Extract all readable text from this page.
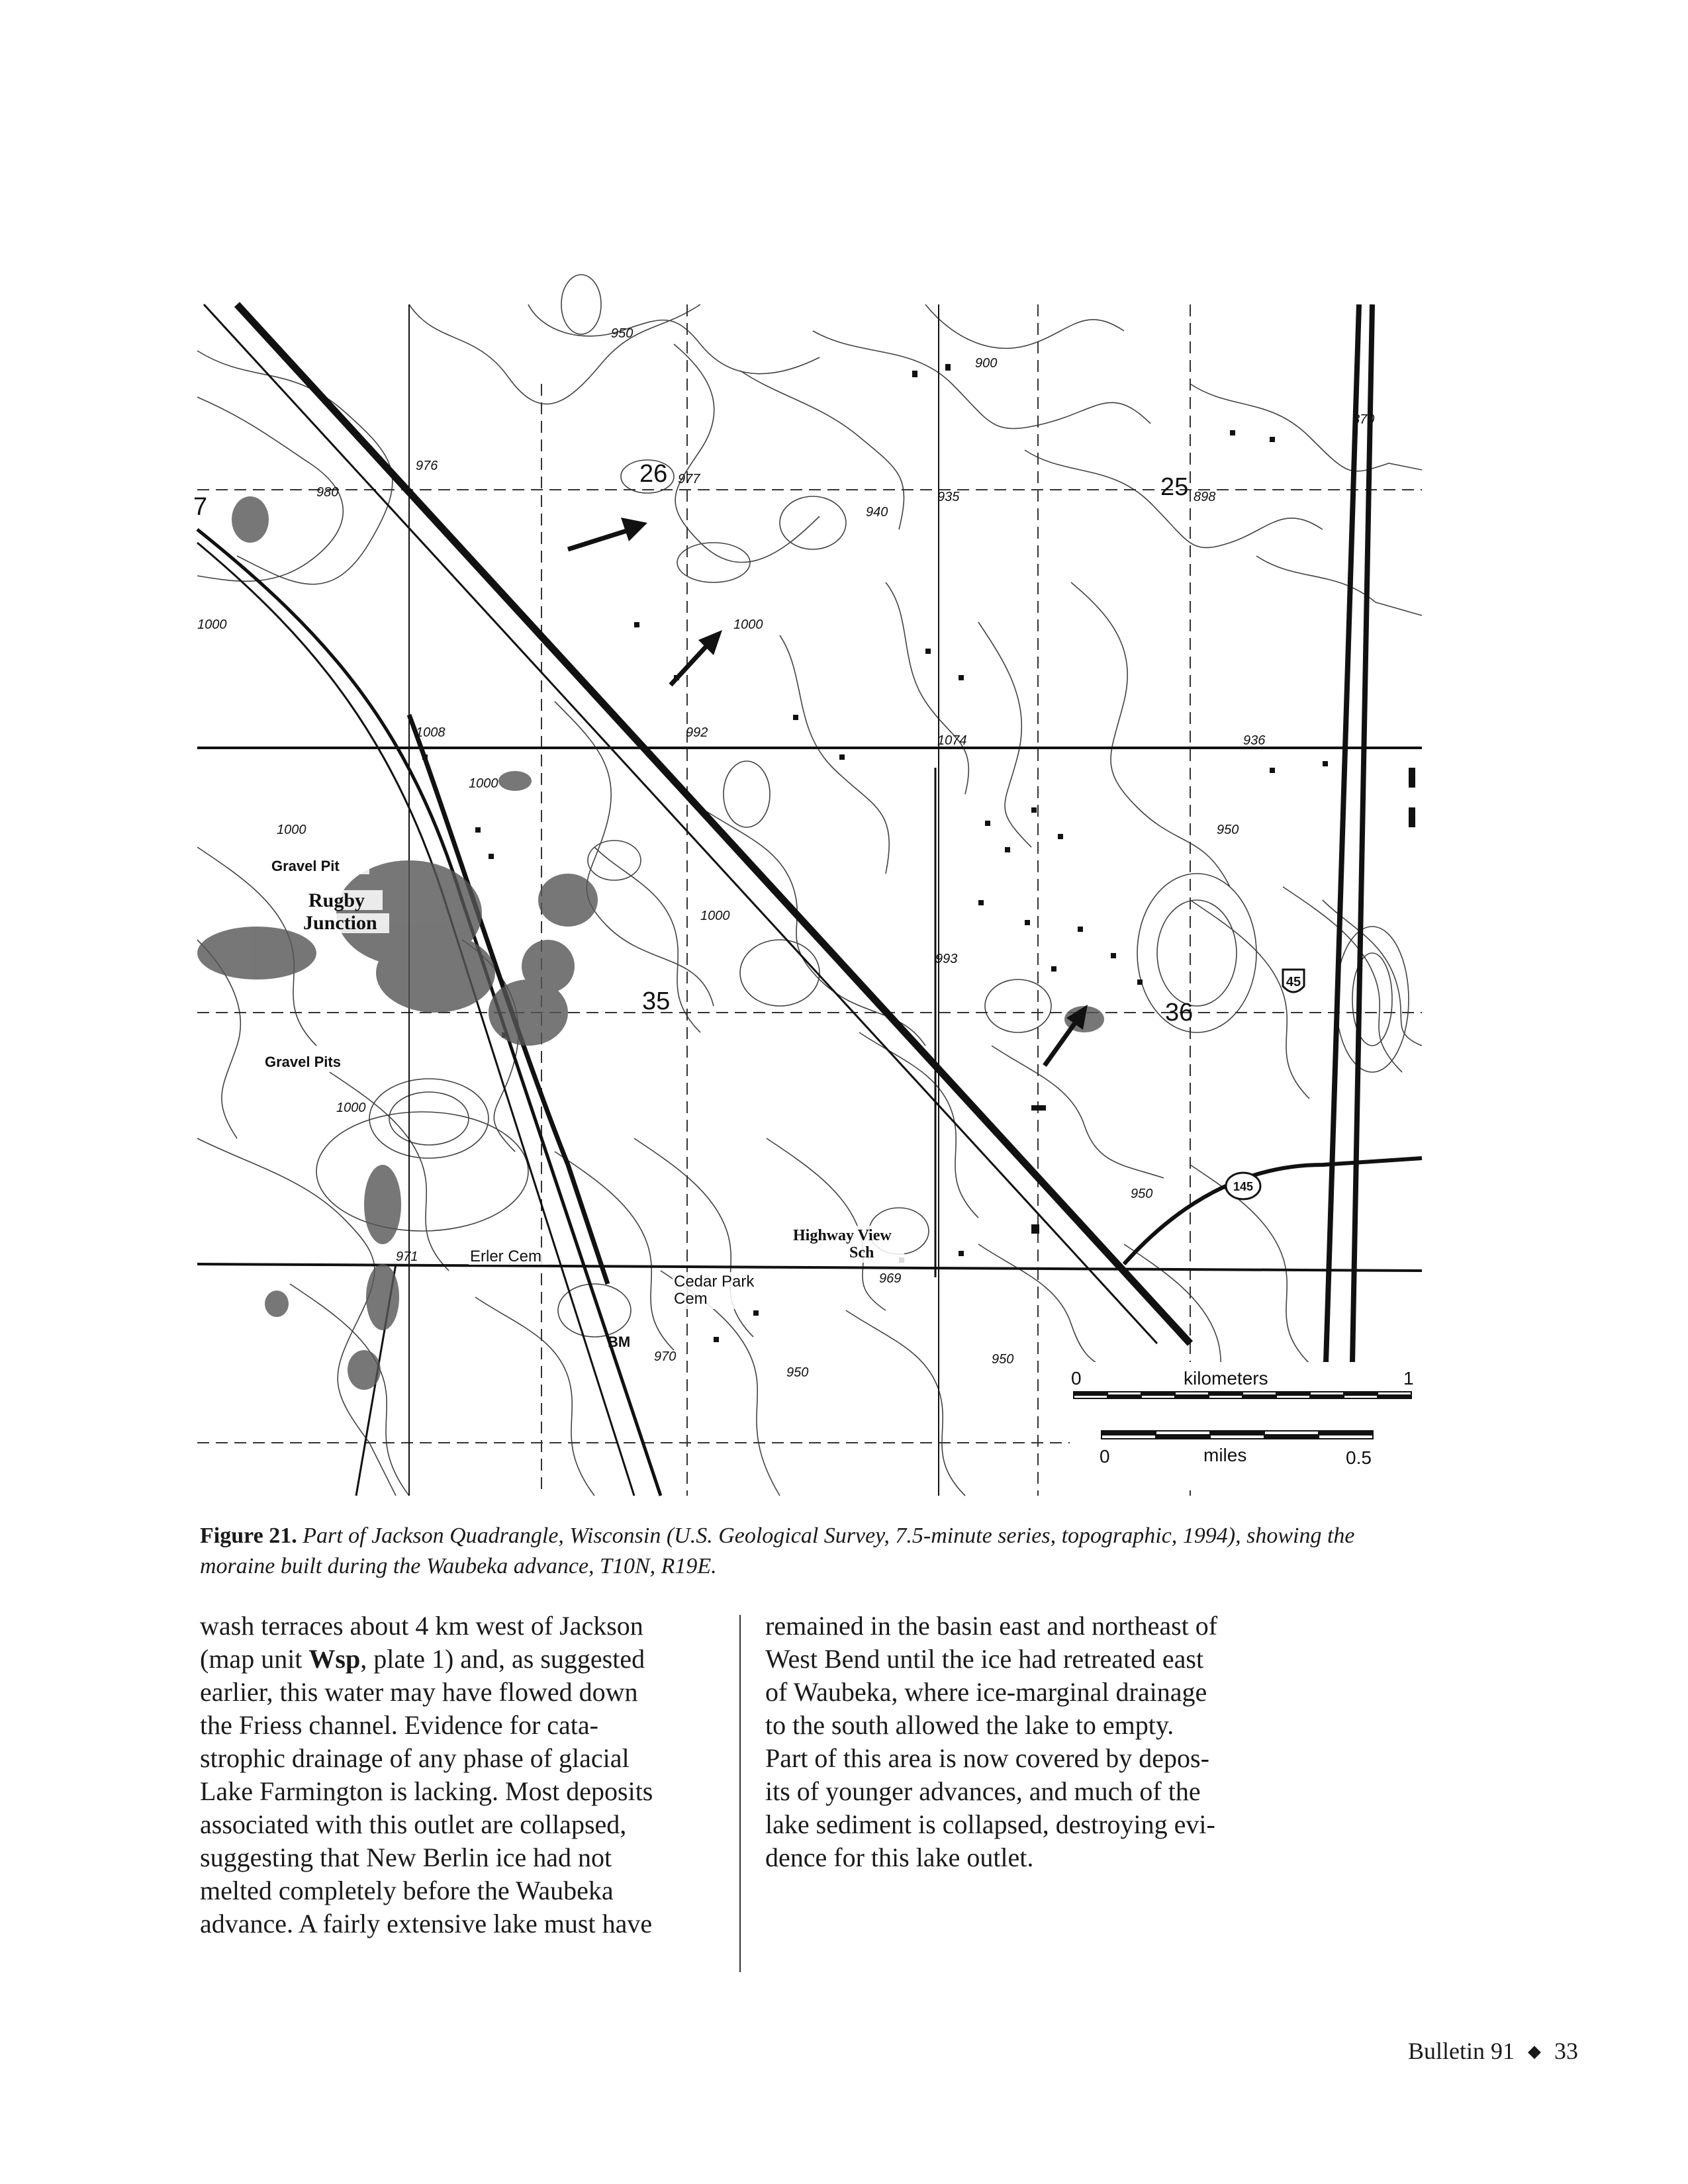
45
145
26	25
35	36
7
950
900
870
976
977
935	898
980
940
1000	1000
1008	992
1074	936
1000
1000
1000
993
950
950
971
969
970
950
950
1000
Gravel Pit
Rugby
Junction
Gravel Pits
Erler Cem
Highway View
Sch
Cedar Park
Cem
BM
0	kilometers	1
0	miles	0.5
Figure 21. Part of Jackson Quadrangle, Wisconsin (U.S. Geological Survey, 7.5-minute series, topographic, 1994), showing the moraine built during the Waubeka advance, T10N, R19E.
wash terraces about 4 km west of Jackson
(map unit Wsp, plate 1) and, as suggested
earlier, this water may have flowed down
the Friess channel. Evidence for cata-
strophic drainage of any phase of glacial
Lake Farmington is lacking. Most deposits
associated with this outlet are collapsed,
suggesting that New Berlin ice had not
melted completely before the Waubeka
advance. A fairly extensive lake must have
remained in the basin east and northeast of
West Bend until the ice had retreated east
of Waubeka, where ice-marginal drainage
to the south allowed the lake to empty.
Part of this area is now covered by depos-
its of younger advances, and much of the
lake sediment is collapsed, destroying evi-
dence for this lake outlet.
Bulletin 91 ◆ 33
